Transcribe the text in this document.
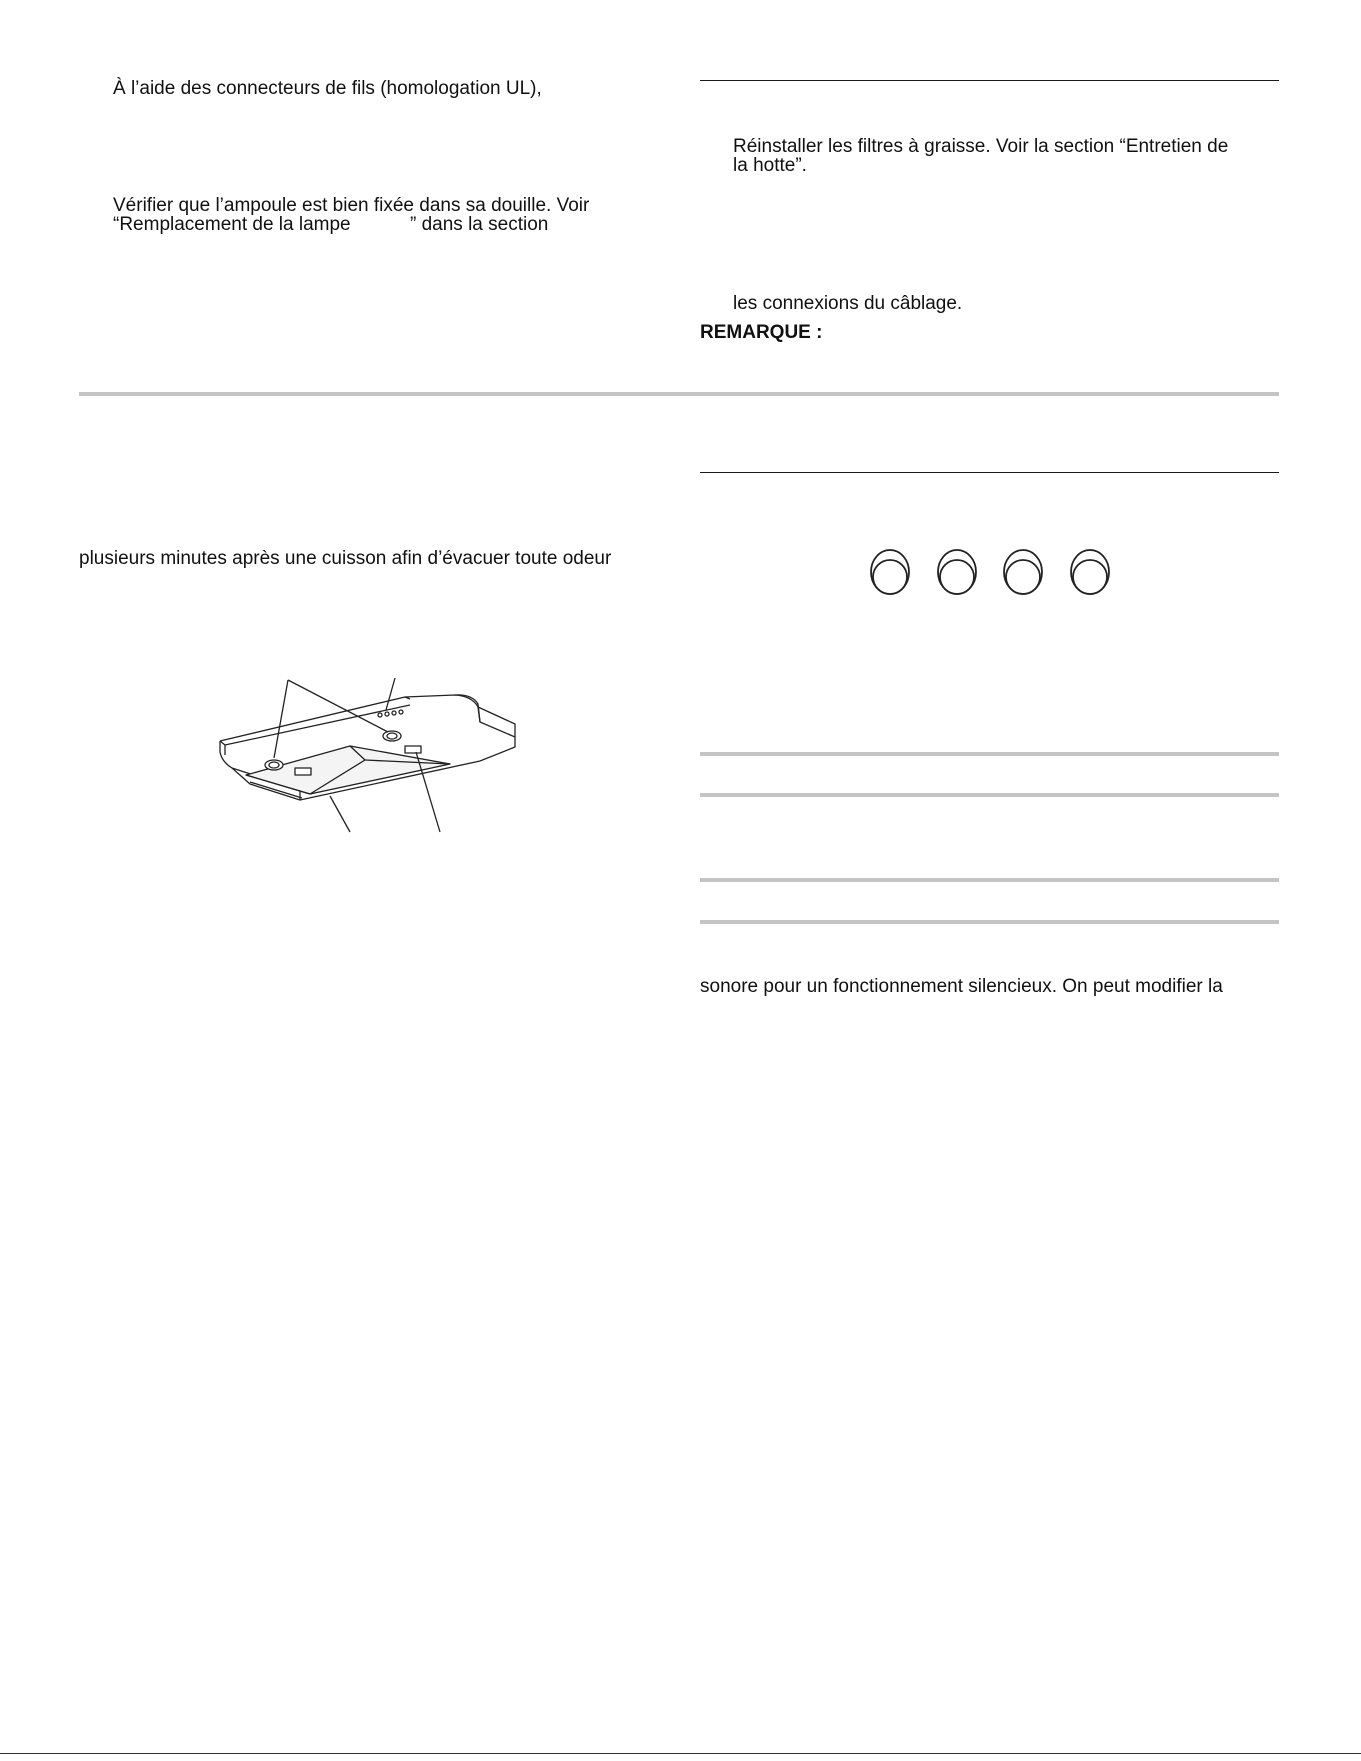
À l’aide des connecteurs de fils (homologation UL),

Vérifier que l’ampoule est bien fixée dans sa douille. Voir

“Remplacement de la lampe	” dans la section

Réinstaller les filtres à graisse. Voir la section “Entretien de

la hotte”.

les connexions du câblage.

REMARQUE :

plusieurs minutes après une cuisson afin d’évacuer toute odeur

sonore pour un fonctionnement silencieux. On peut modifier la
